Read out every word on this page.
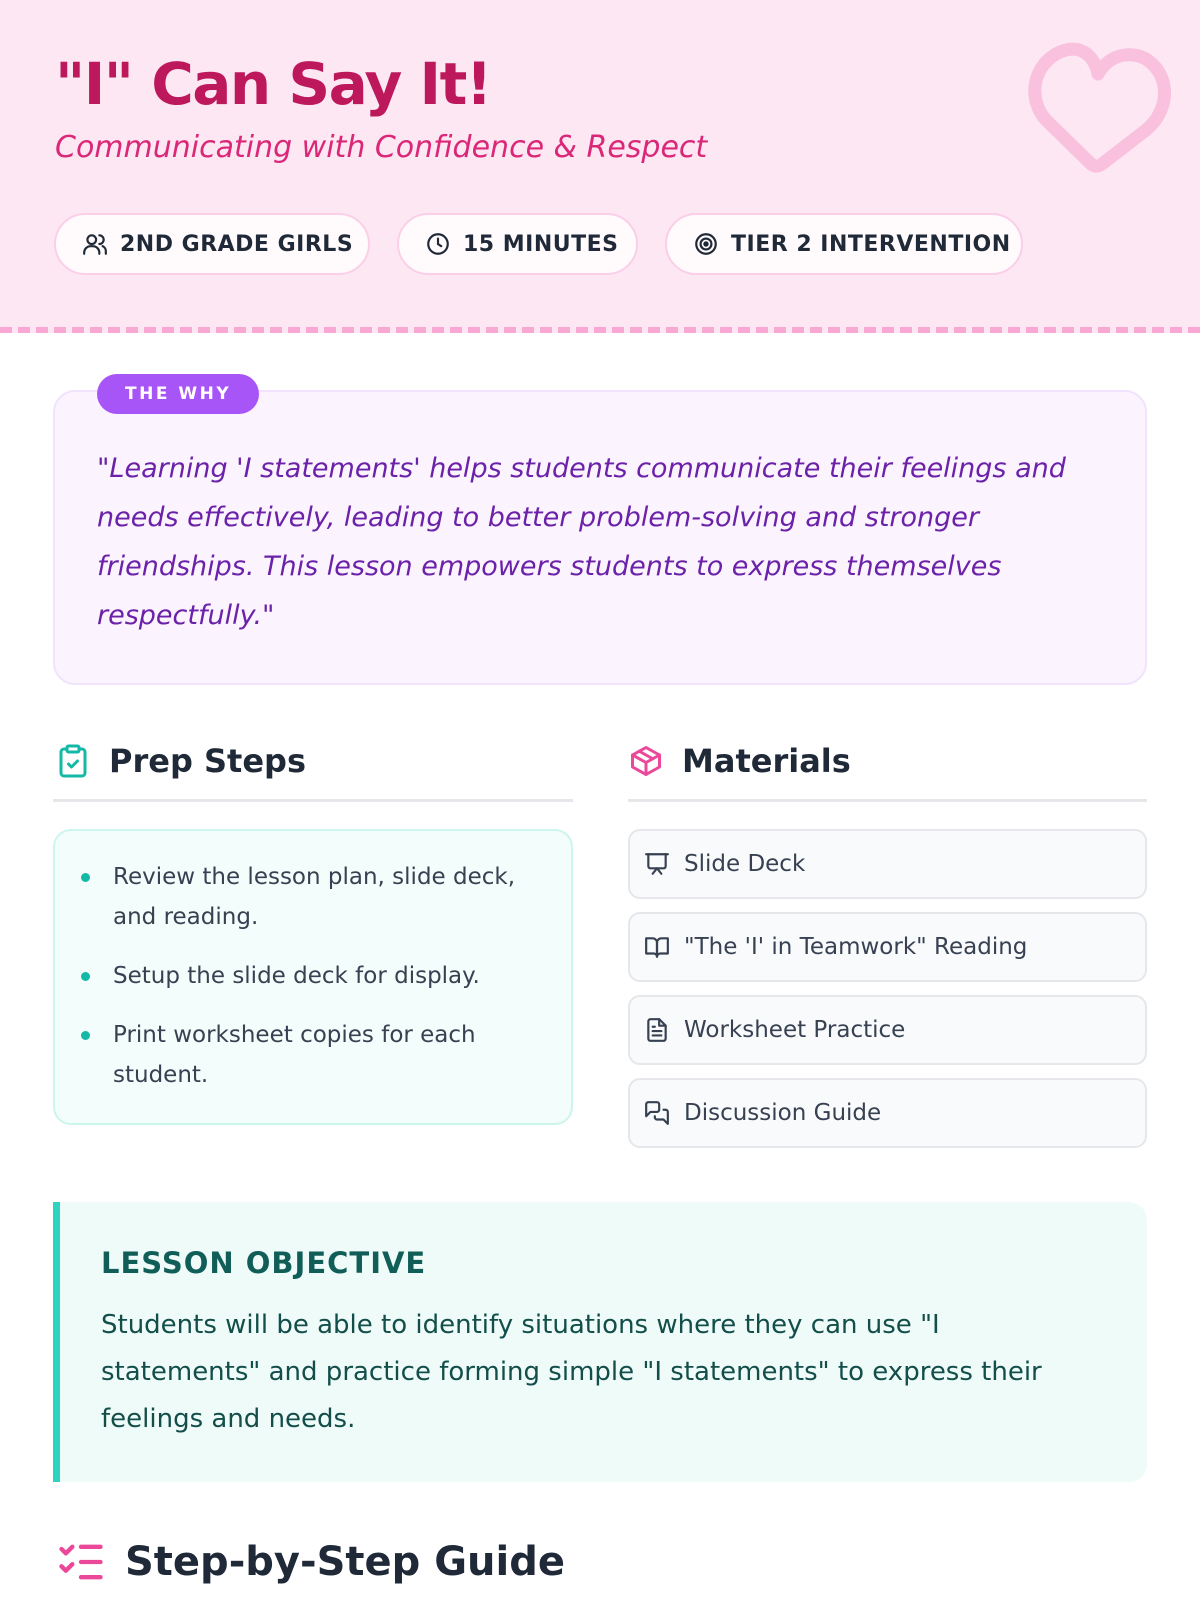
"I" Can Say It!
Communicating with Confidence & Respect
2ND GRADE GIRLS	15 MINUTES	TIER 2 INTERVENTION
THE WHY

"Learning 'I statements' helps students communicate their feelings and needs effectively, leading to better problem-solving and stronger friendships. This lesson empowers students to express themselves respectfully."

Prep Steps
Review the lesson plan, slide deck, and reading.
Setup the slide deck for display.
Print worksheet copies for each student.
Materials
Slide Deck
"The 'I' in Teamwork" Reading
Worksheet Practice
Discussion Guide
LESSON OBJECTIVE

Students will be able to identify situations where they can use "I statements" and practice forming simple "I statements" to express their feelings and needs.

Step-by-Step Guide
